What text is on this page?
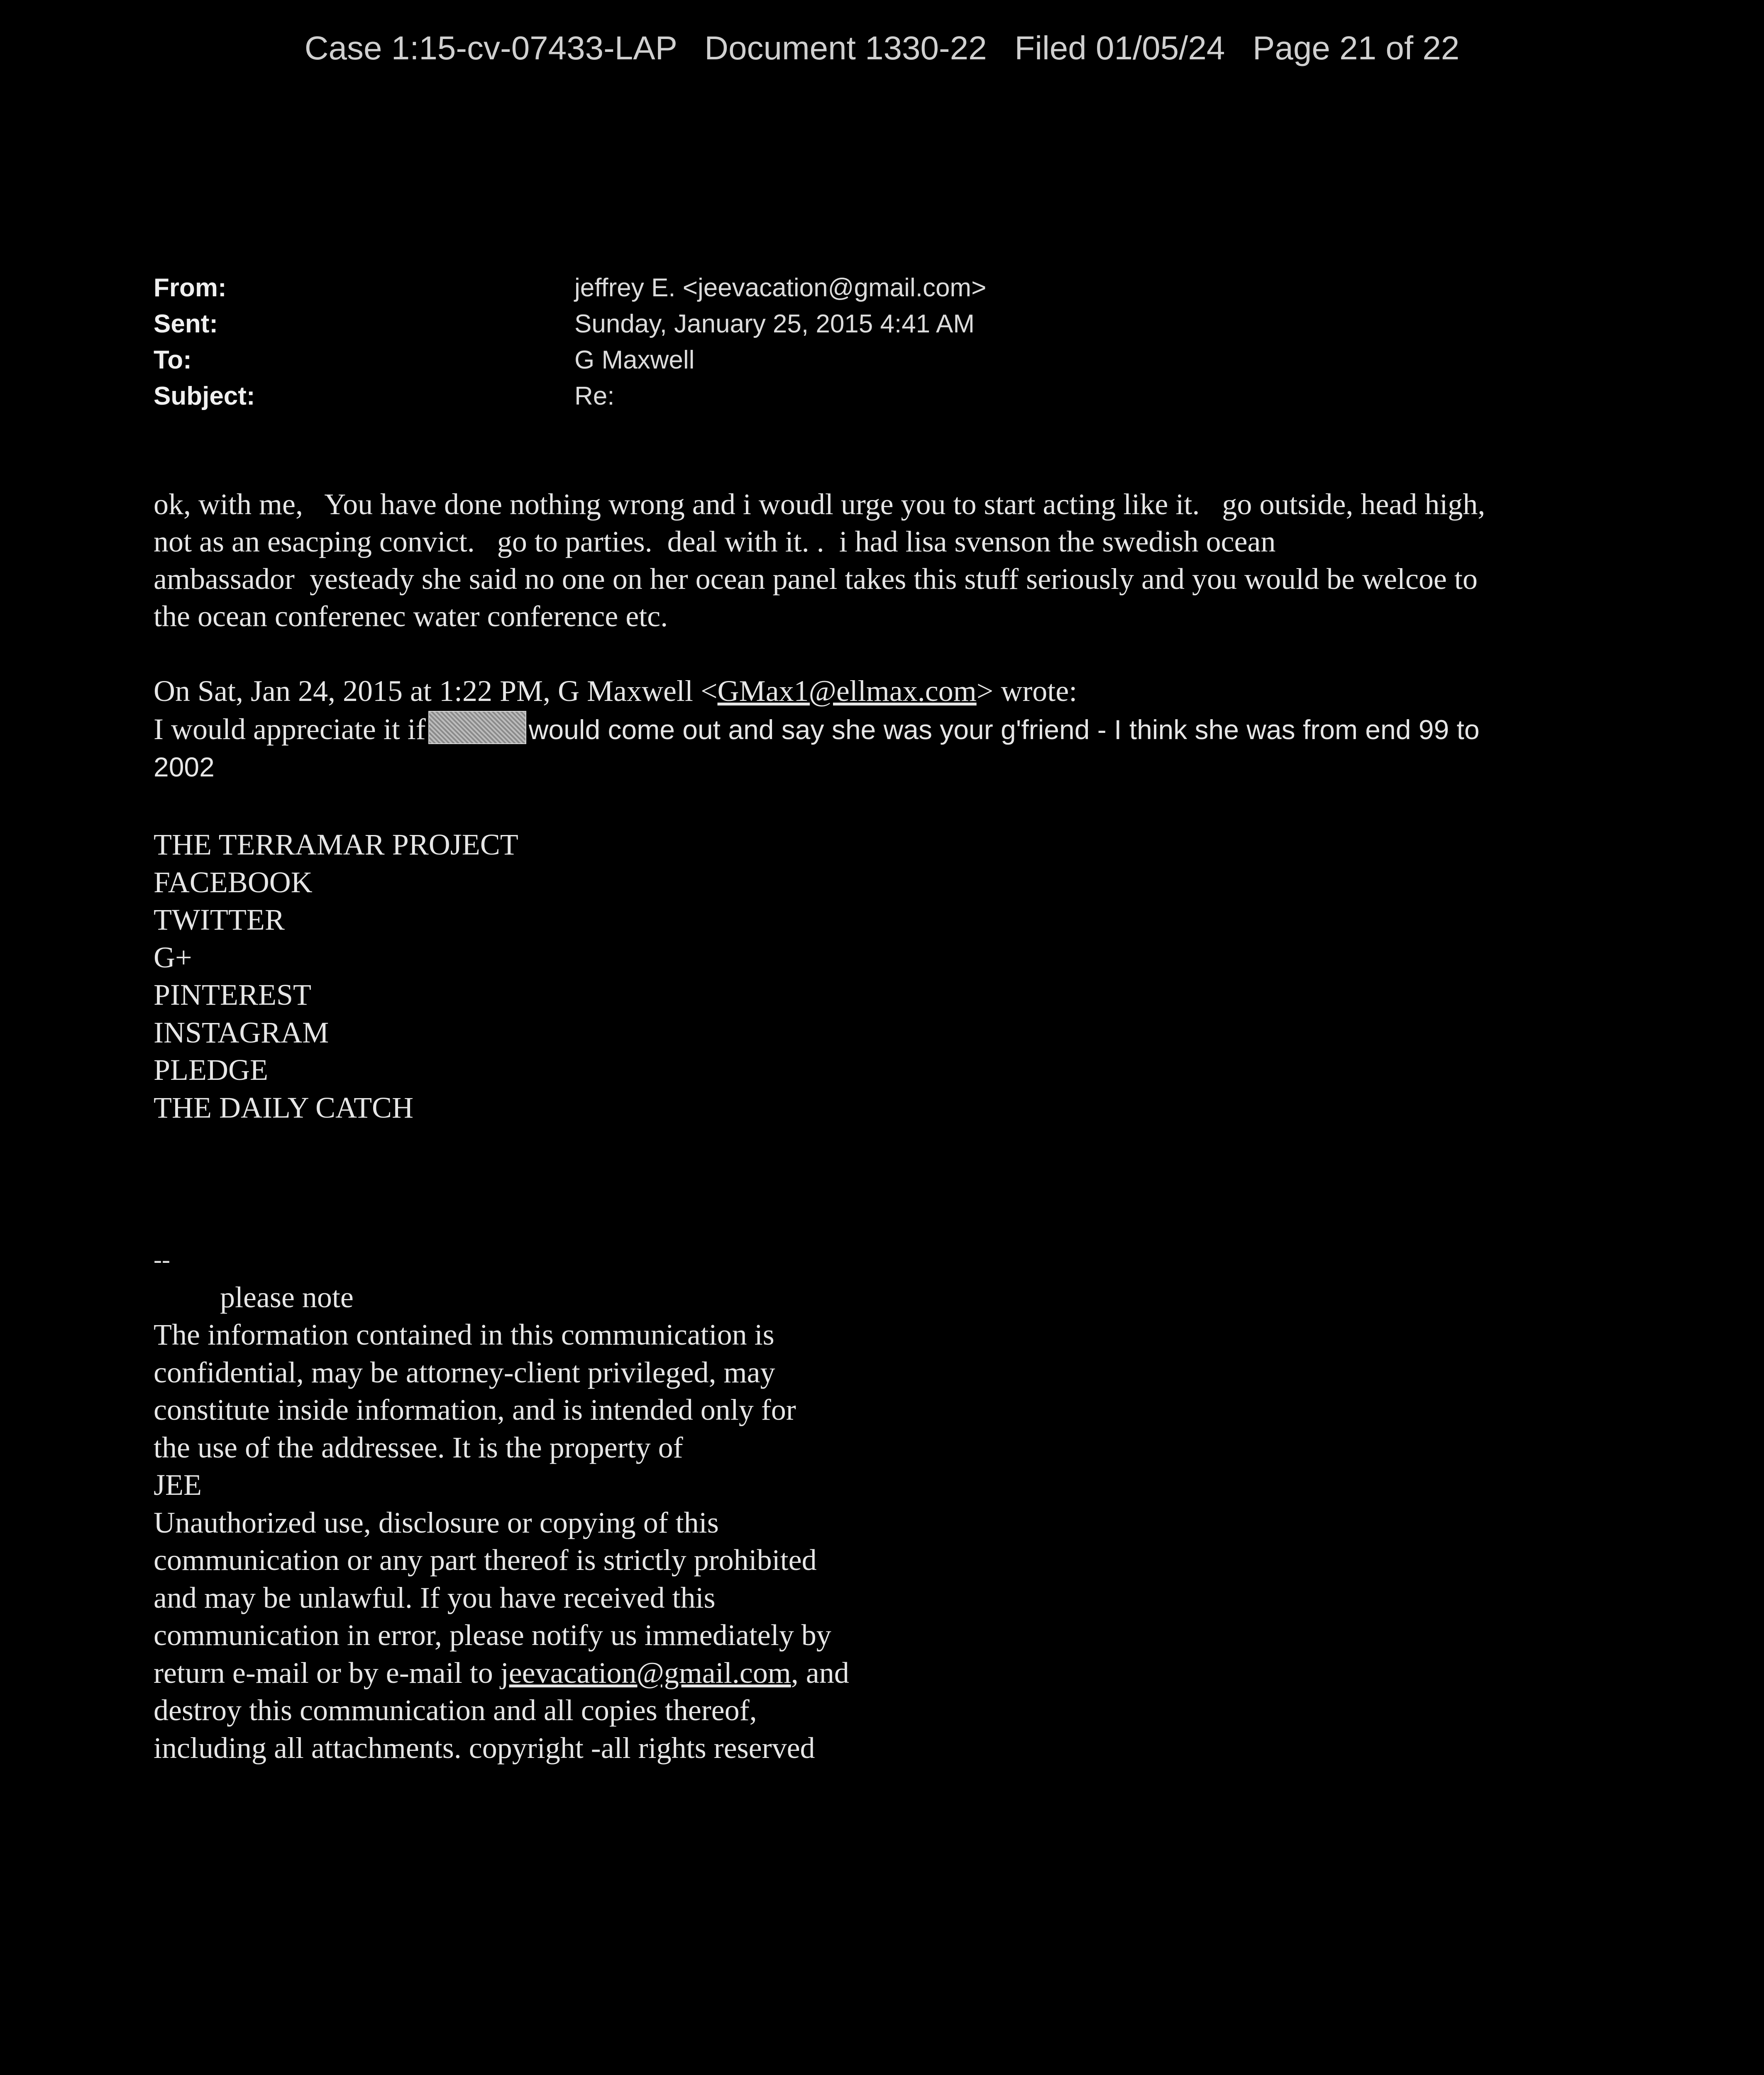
Case 1:15-cv-07433-LAP   Document 1330-22   Filed 01/05/24   Page 21 of 22
From:	jeffrey E. <jeevacation@gmail.com>
Sent:	Sunday, January 25, 2015 4:41 AM
To:	G Maxwell
Subject:	Re:
ok, with me,   You have done nothing wrong and i woudl urge you to start acting like it.   go outside, head high,
not as an esacping convict.   go to parties.  deal with it. .  i had lisa svenson the swedish ocean
ambassador  yesteady she said no one on her ocean panel takes this stuff seriously and you would be welcoe to
the ocean conferenec water conference etc.
On Sat, Jan 24, 2015 at 1:22 PM, G Maxwell <GMax1@ellmax.com> wrote:
I would appreciate it if	would come out and say she was your g'friend - I think she was from end 99 to
2002
THE TERRAMAR PROJECT
FACEBOOK
TWITTER
G+
PINTEREST
INSTAGRAM
PLEDGE
THE DAILY CATCH
--
please note
The information contained in this communication is
confidential, may be attorney-client privileged, may
constitute inside information, and is intended only for
the use of the addressee. It is the property of
JEE
Unauthorized use, disclosure or copying of this
communication or any part thereof is strictly prohibited
and may be unlawful. If you have received this
communication in error, please notify us immediately by
return e-mail or by e-mail to jeevacation@gmail.com, and
destroy this communication and all copies thereof,
including all attachments. copyright -all rights reserved
